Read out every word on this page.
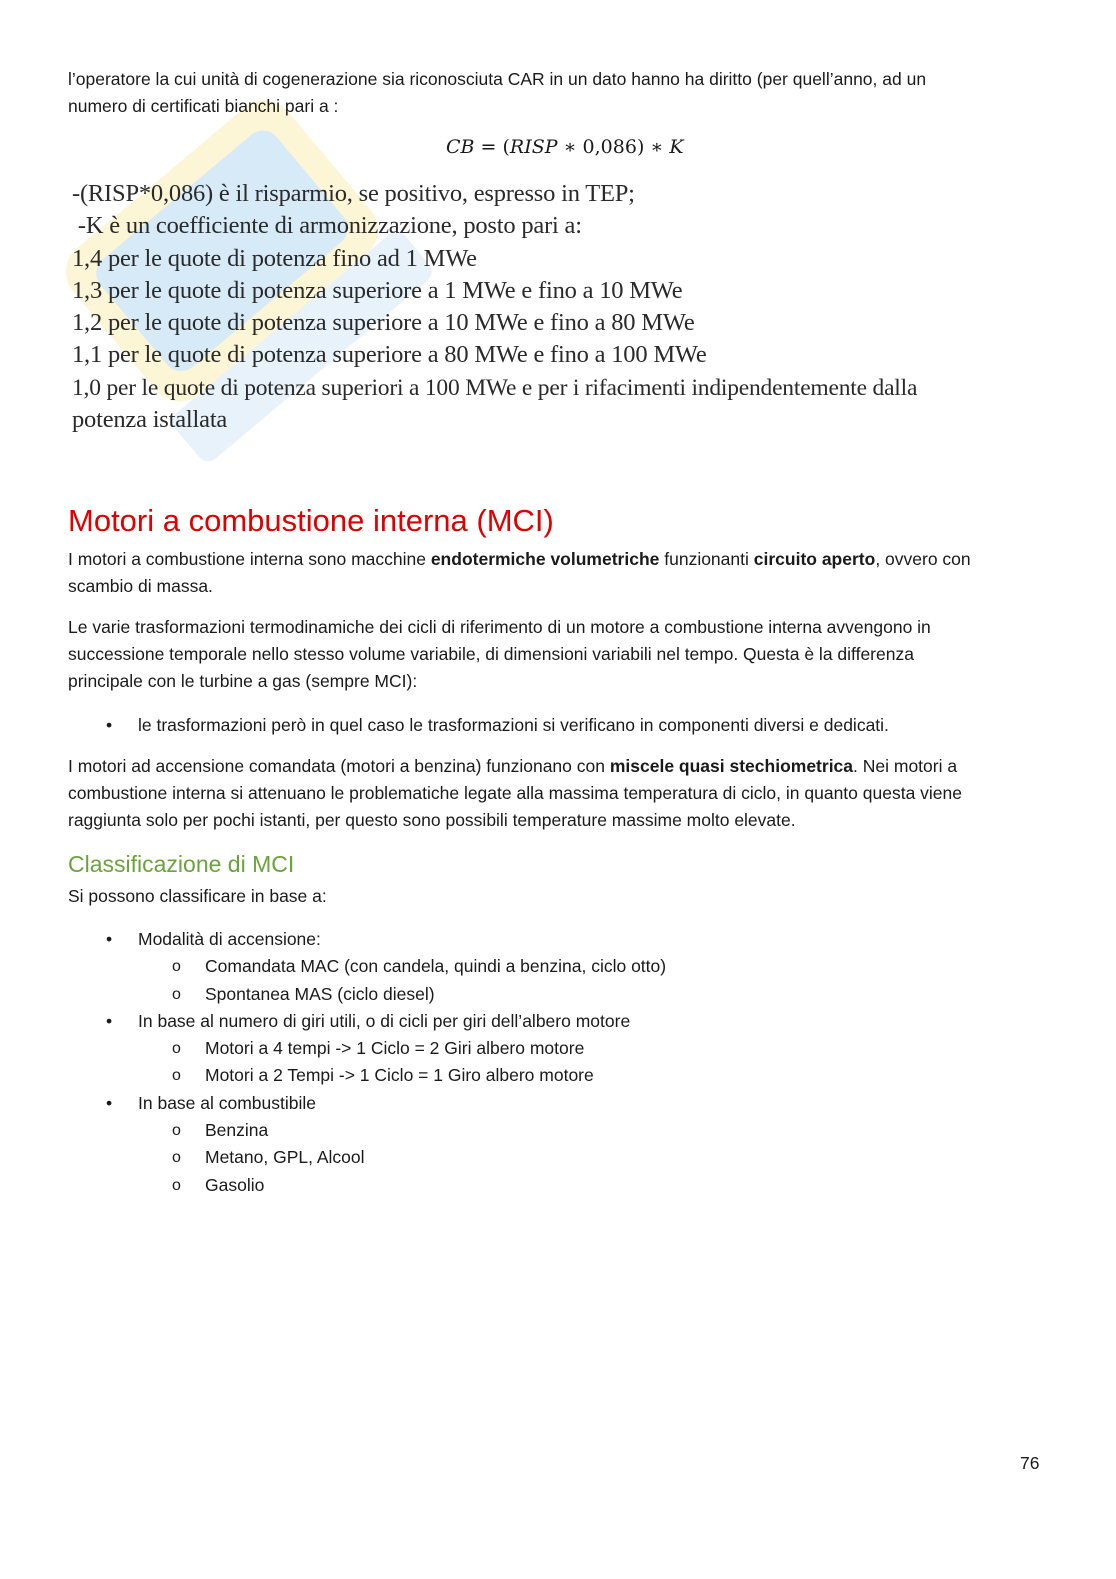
l’operatore la cui unità di cogenerazione sia riconosciuta CAR in un dato hanno ha diritto (per quell’anno, ad un
numero di certificati bianchi pari a :

CB = (RISP ∗ 0,086) ∗ K
-(RISP*0,086) è il risparmio, se positivo, espresso in TEP;
-K è un coefficiente di armonizzazione, posto pari a:
1,4 per le quote di potenza fino ad 1 MWe
1,3 per le quote di potenza superiore a 1 MWe e fino a 10 MWe
1,2 per le quote di potenza superiore a 10 MWe e fino a 80 MWe
1,1 per le quote di potenza superiore a 80 MWe e fino a 100 MWe
1,0 per le quote di potenza superiori a 100 MWe e per i rifacimenti indipendentemente dalla
potenza istallata
Motori a combustione interna (MCI)

I motori a combustione interna sono macchine endotermiche volumetriche funzionanti circuito aperto, ovvero con
scambio di massa.

Le varie trasformazioni termodinamiche dei cicli di riferimento di un motore a combustione interna avvengono in
successione temporale nello stesso volume variabile, di dimensioni variabili nel tempo. Questa è la differenza
principale con le turbine a gas (sempre MCI):

• le trasformazioni però in quel caso le trasformazioni si verificano in componenti diversi e dedicati.

I motori ad accensione comandata (motori a benzina) funzionano con miscele quasi stechiometrica. Nei motori a
combustione interna si attenuano le problematiche legate alla massima temperatura di ciclo, in quanto questa viene
raggiunta solo per pochi istanti, per questo sono possibili temperature massime molto elevate.

Classificazione di MCI

Si possono classificare in base a:

• Modalità di accensione:
o Comandata MAC (con candela, quindi a benzina, ciclo otto)
o Spontanea MAS (ciclo diesel)
• In base al numero di giri utili, o di cicli per giri dell’albero motore
o Motori a 4 tempi -> 1 Ciclo = 2 Giri albero motore
o Motori a 2 Tempi -> 1 Ciclo = 1 Giro albero motore
• In base al combustibile
o Benzina
o Metano, GPL, Alcool
o Gasolio
76
